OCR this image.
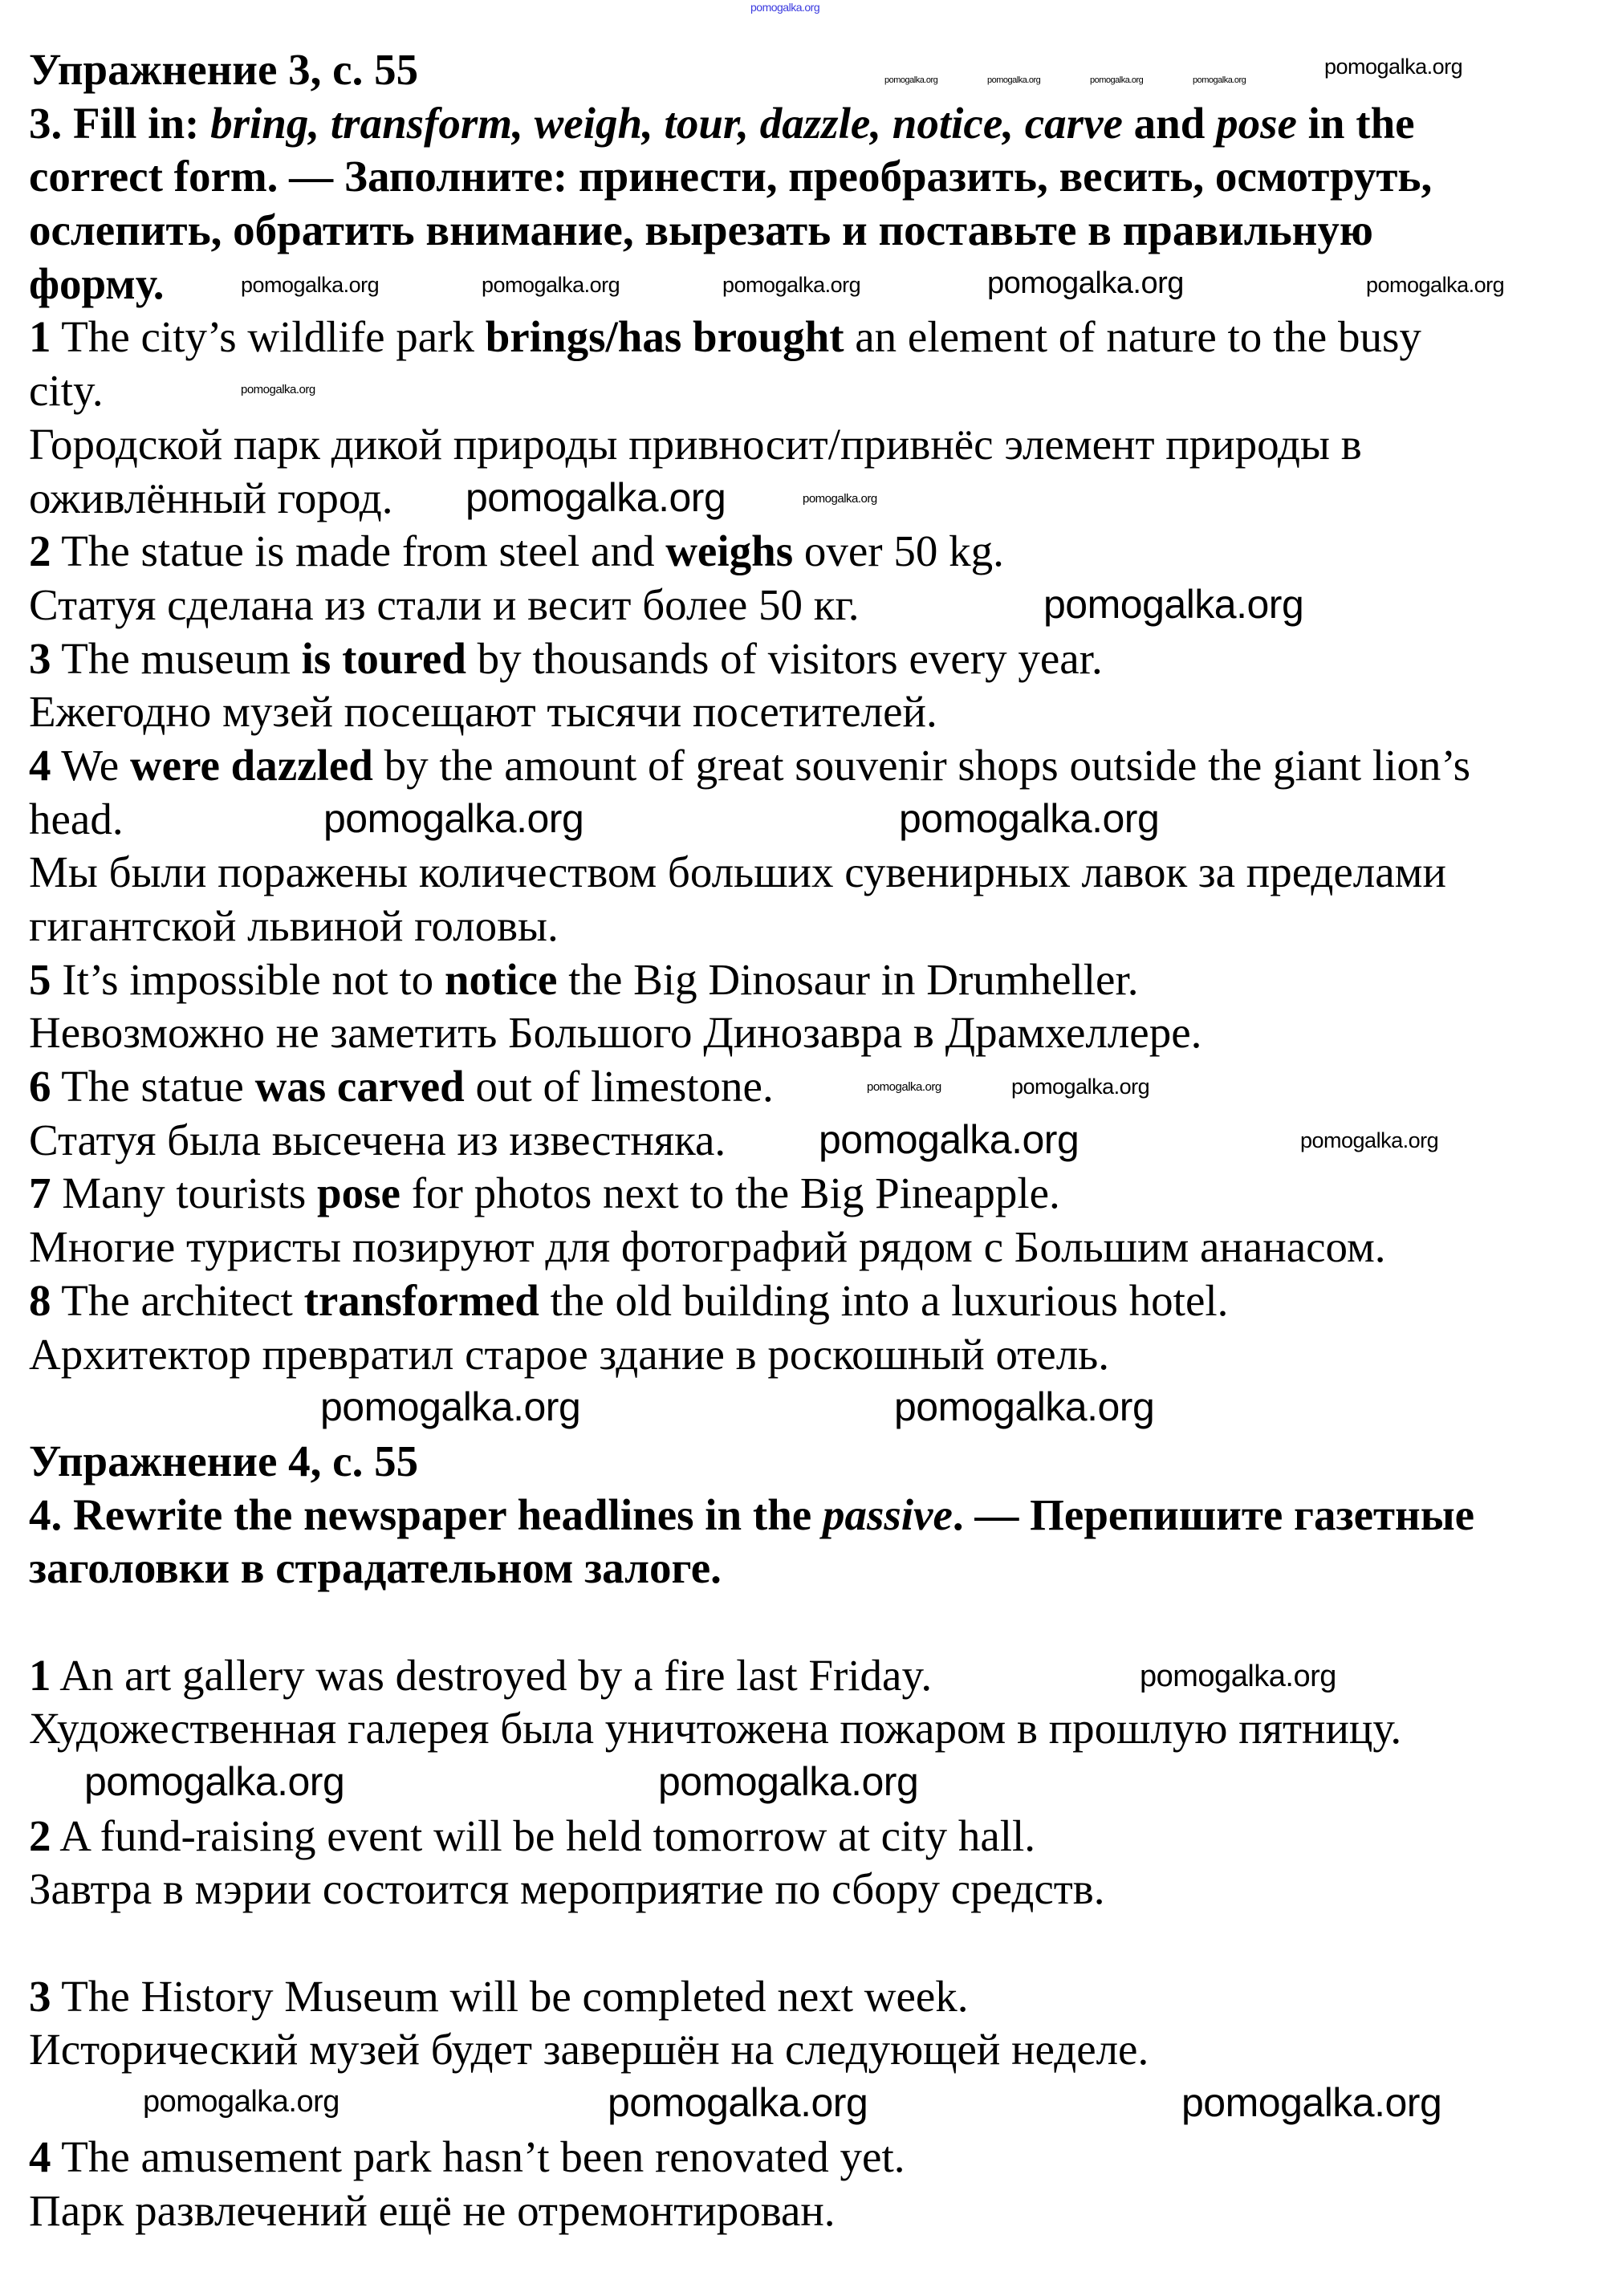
Упражнение 3, с. 55
3. Fill in: bring, transform, weigh, tour, dazzle, notice, carve and pose in the
correct form. — Заполните: принести, преобразить, весить, осмотруть,
ослепить, обратить внимание, вырезать и поставьте в правильную
форму.
1 The city’s wildlife park brings/has brought an element of nature to the busy
city.
Городской парк дикой природы привносит/привнёс элемент природы в
оживлённый город.
2 The statue is made from steel and weighs over 50 kg.
Статуя сделана из стали и весит более 50 кг.
3 The museum is toured by thousands of visitors every year.
Ежегодно музей посещают тысячи посетителей.
4 We were dazzled by the amount of great souvenir shops outside the giant lion’s
head.
Мы были поражены количеством больших сувенирных лавок за пределами
гигантской львиной головы.
5 It’s impossible not to notice the Big Dinosaur in Drumheller.
Невозможно не заметить Большого Динозавра в Драмхеллере.
6 The statue was carved out of limestone.
Статуя была высечена из известняка.
7 Many tourists pose for photos next to the Big Pineapple.
Многие туристы позируют для фотографий рядом с Большим ананасом.
8 The architect transformed the old building into a luxurious hotel.
Архитектор превратил старое здание в роскошный отель.
Упражнение 4, с. 55
4. Rewrite the newspaper headlines in the passive. — Перепишите газетные
заголовки в страдательном залоге.
1 An art gallery was destroyed by a fire last Friday.
Художественная галерея была уничтожена пожаром в прошлую пятницу.
2 A fund-raising event will be held tomorrow at city hall.
Завтра в мэрии состоится мероприятие по сбору средств.
3 The History Museum will be completed next week.
Исторический музей будет завершён на следующей неделе.
4 The amusement park hasn’t been renovated yet.
Парк развлечений ещё не отремонтирован.
pomogalka.org
pomogalka.org	pomogalka.org	pomogalka.org	pomogalka.org
pomogalka.org
pomogalka.org	pomogalka.org	pomogalka.org	pomogalka.org	pomogalka.org
pomogalka.org
pomogalka.org	pomogalka.org
pomogalka.org
pomogalka.org	pomogalka.org
pomogalka.org	pomogalka.org
pomogalka.org	pomogalka.org
pomogalka.org	pomogalka.org
pomogalka.org
pomogalka.org	pomogalka.org
pomogalka.org	pomogalka.org	pomogalka.org
